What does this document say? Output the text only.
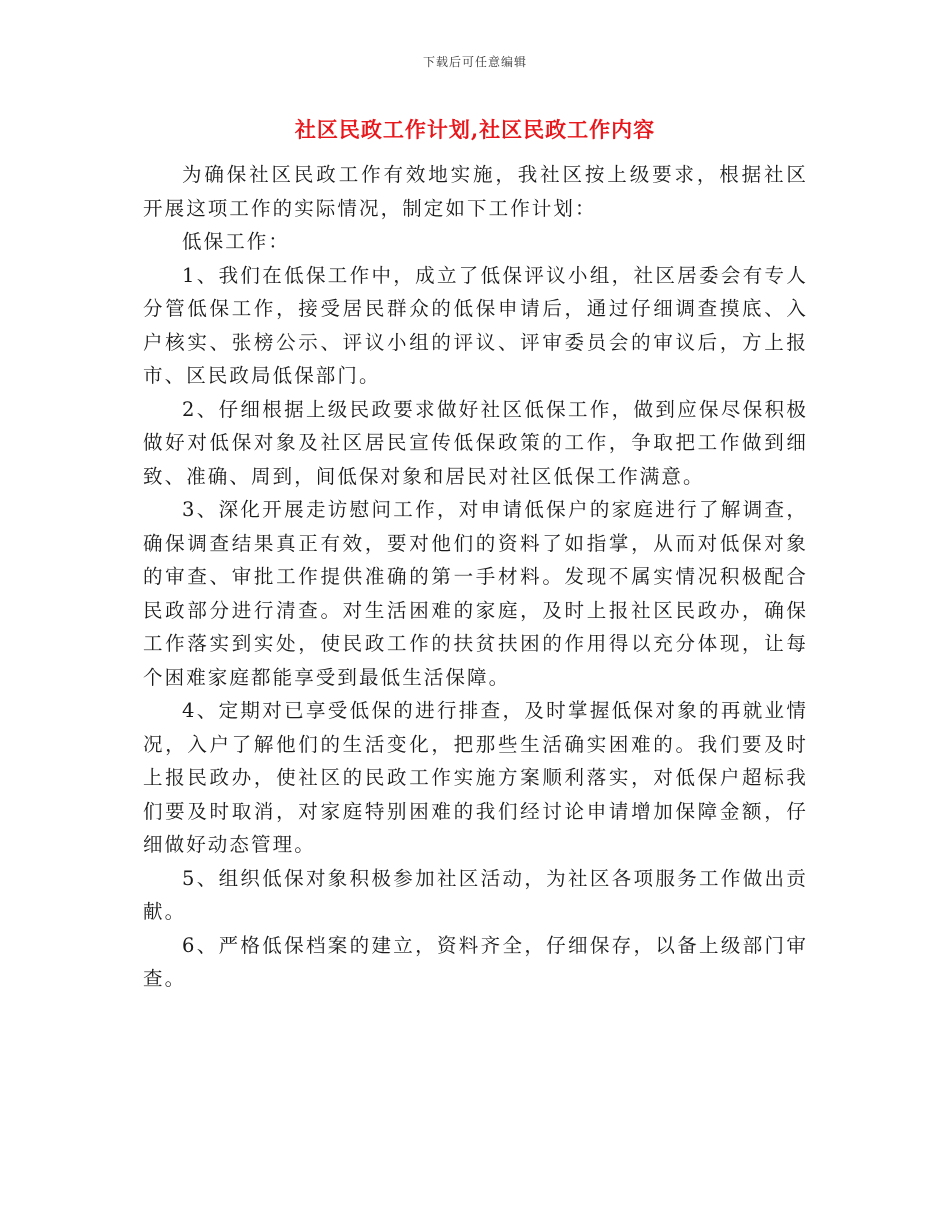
下载后可任意编辑
社区民政工作计划,社区民政工作内容

为确保社区民政工作有效地实施，我社区按上级要求，根据社区开展这项工作的实际情况，制定如下工作计划：

低保工作：

1、我们在低保工作中，成立了低保评议小组，社区居委会有专人分管低保工作，接受居民群众的低保申请后，通过仔细调查摸底、入户核实、张榜公示、评议小组的评议、评审委员会的审议后，方上报市、区民政局低保部门。

2、仔细根据上级民政要求做好社区低保工作，做到应保尽保积极做好对低保对象及社区居民宣传低保政策的工作，争取把工作做到细致、准确、周到，间低保对象和居民对社区低保工作满意。

3、深化开展走访慰问工作，对申请低保户的家庭进行了解调查，确保调查结果真正有效，要对他们的资料了如指掌，从而对低保对象的审查、审批工作提供准确的第一手材料。发现不属实情况积极配合民政部分进行清查。对生活困难的家庭，及时上报社区民政办，确保工作落实到实处，使民政工作的扶贫扶困的作用得以充分体现，让每个困难家庭都能享受到最低生活保障。

4、定期对已享受低保的进行排查，及时掌握低保对象的再就业情况，入户了解他们的生活变化，把那些生活确实困难的。我们要及时上报民政办，使社区的民政工作实施方案顺利落实，对低保户超标我们要及时取消，对家庭特别困难的我们经讨论申请增加保障金额，仔细做好动态管理。

5、组织低保对象积极参加社区活动，为社区各项服务工作做出贡献。

6、严格低保档案的建立，资料齐全，仔细保存，以备上级部门审查。
